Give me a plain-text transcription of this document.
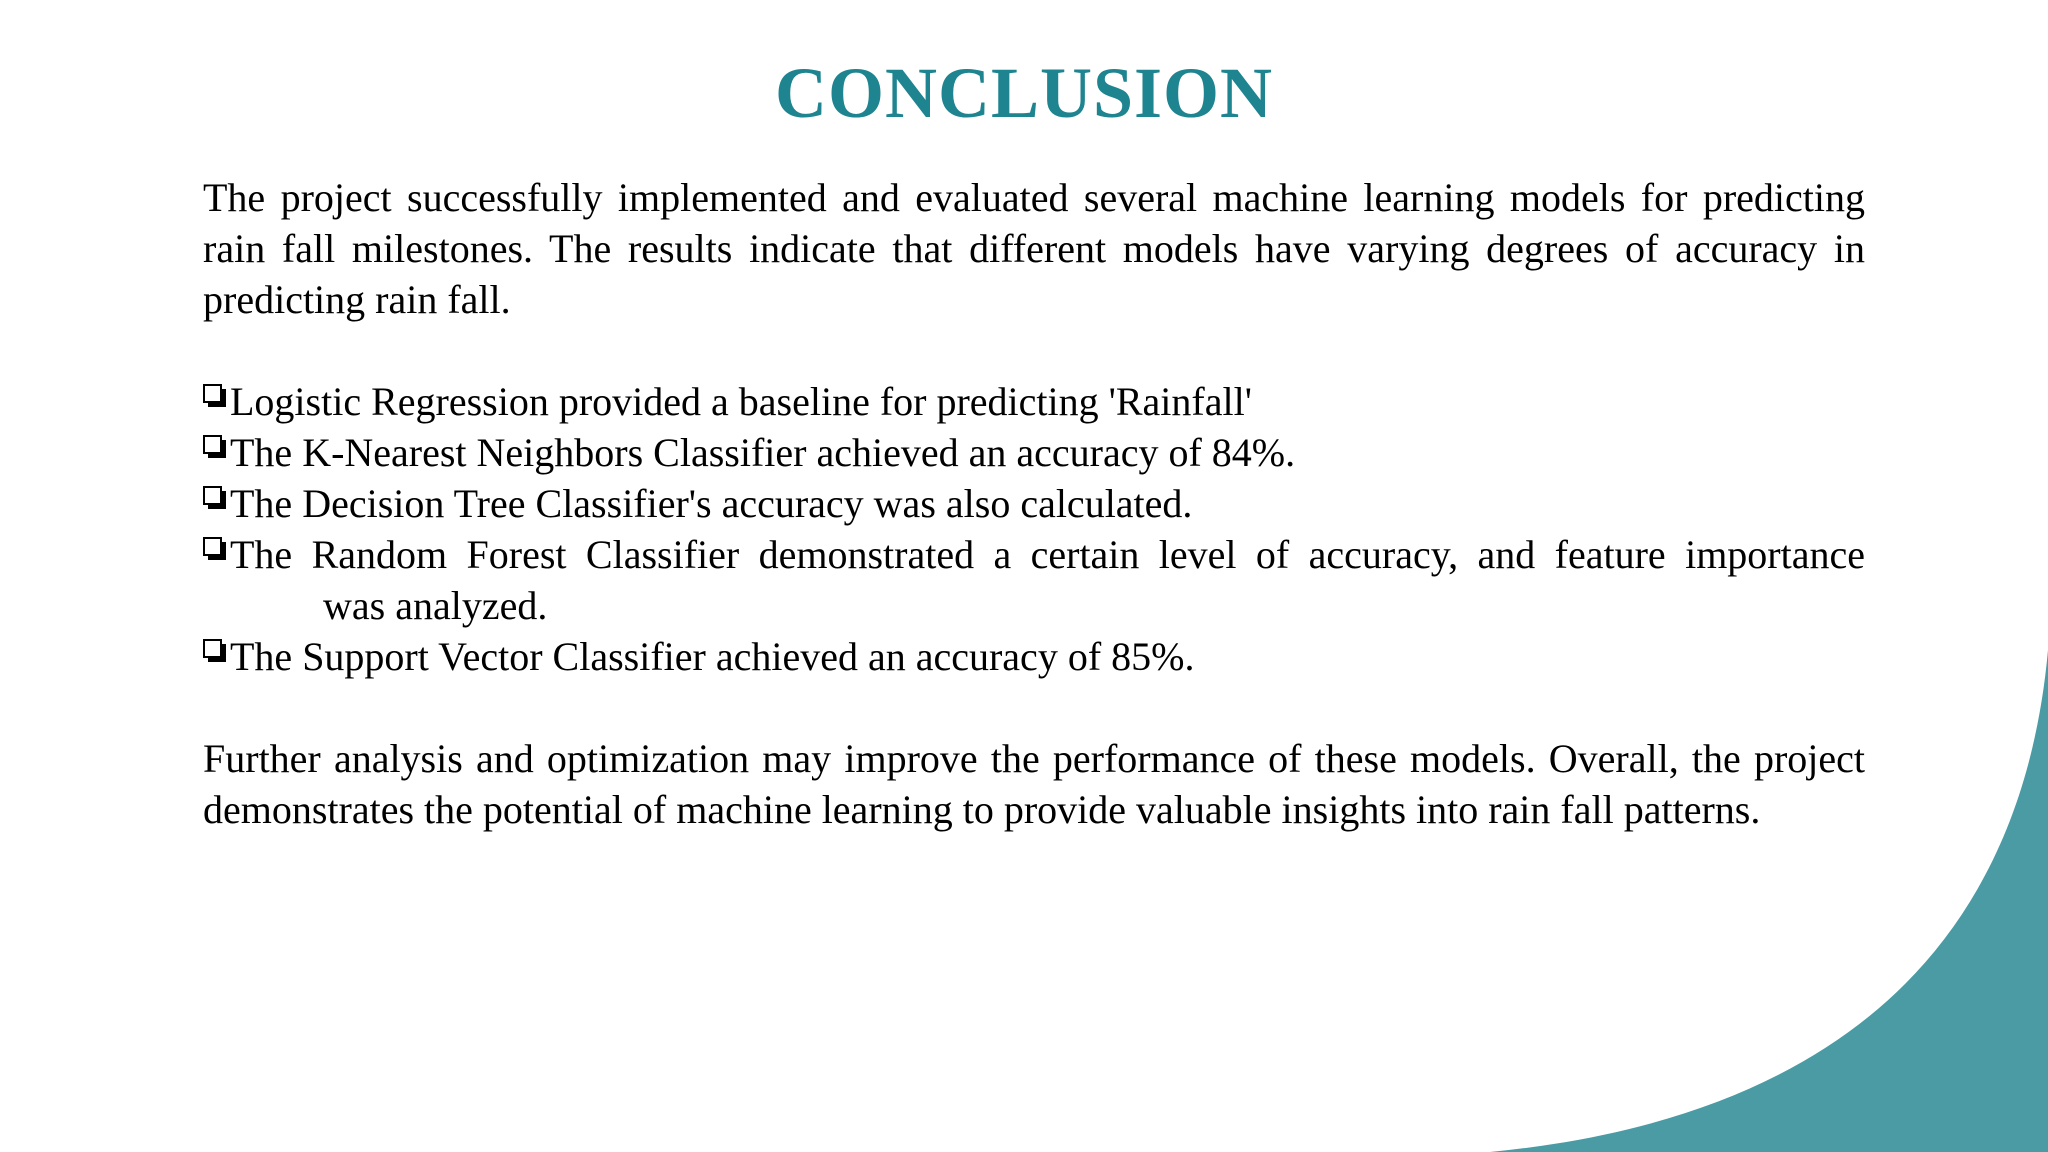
CONCLUSION

The project successfully implemented and evaluated several machine learning models for predicting rain fall milestones. The results indicate that different models have varying degrees of accuracy in predicting rain fall.

Logistic Regression provided a baseline for predicting 'Rainfall'
The K-Nearest Neighbors Classifier achieved an accuracy of 84%.
The Decision Tree Classifier's accuracy was also calculated.
The Random Forest Classifier demonstrated a certain level of accuracy, and feature importancewas analyzed.
The Support Vector Classifier achieved an accuracy of 85%.

Further analysis and optimization may improve the performance of these models. Overall, the project demonstrates the potential of machine learning to provide valuable insights into rain fall patterns.
